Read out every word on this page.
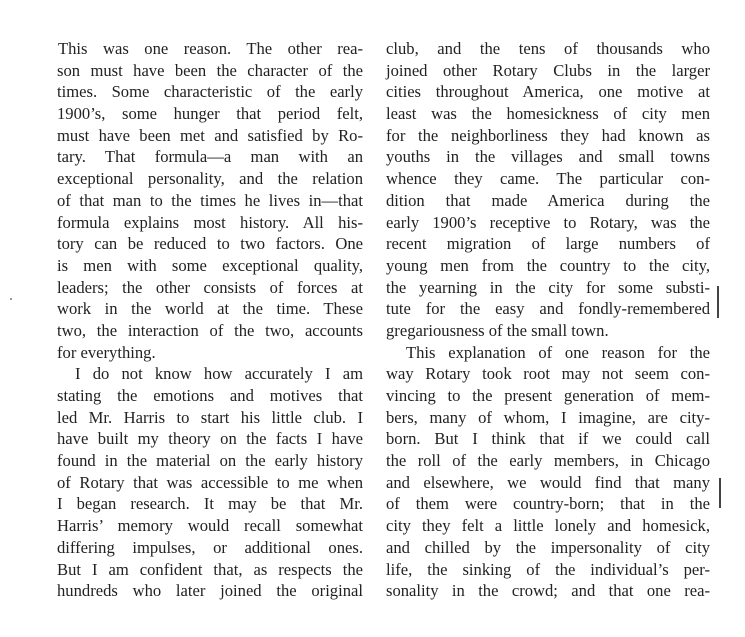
This was one reason. The other rea-
son must have been the character of the
times. Some characteristic of the early
1900’s, some hunger that period felt,
must have been met and satisfied by Ro-
tary. That formula—a man with an
exceptional personality, and the relation
of that man to the times he lives in—that
formula explains most history. All his-
tory can be reduced to two factors. One
is men with some exceptional quality,
leaders; the other consists of forces at
work in the world at the time. These
two, the interaction of the two, accounts
for everything.
I do not know how accurately I am
stating the emotions and motives that
led Mr. Harris to start his little club. I
have built my theory on the facts I have
found in the material on the early history
of Rotary that was accessible to me when
I began research. It may be that Mr.
Harris’ memory would recall somewhat
differing impulses, or additional ones.
But I am confident that, as respects the
hundreds who later joined the original
club, and the tens of thousands who
joined other Rotary Clubs in the larger
cities throughout America, one motive at
least was the homesickness of city men
for the neighborliness they had known as
youths in the villages and small towns
whence they came. The particular con-
dition that made America during the
early 1900’s receptive to Rotary, was the
recent migration of large numbers of
young men from the country to the city,
the yearning in the city for some substi-
tute for the easy and fondly-remembered
gregariousness of the small town.
This explanation of one reason for the
way Rotary took root may not seem con-
vincing to the present generation of mem-
bers, many of whom, I imagine, are city-
born. But I think that if we could call
the roll of the early members, in Chicago
and elsewhere, we would find that many
of them were country-born; that in the
city they felt a little lonely and homesick,
and chilled by the impersonality of city
life, the sinking of the individual’s per-
sonality in the crowd; and that one rea-
